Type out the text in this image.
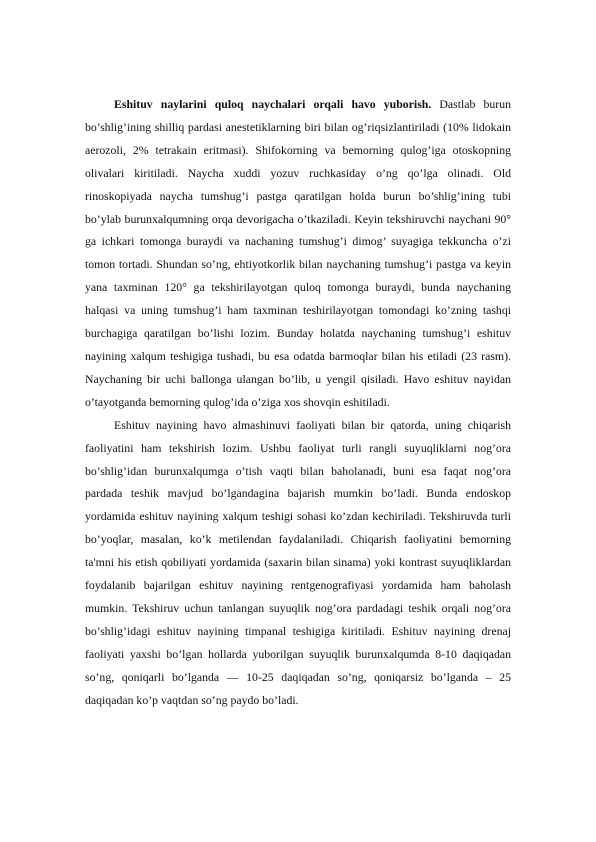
Eshituv naylarini quloq naychalari orqali havo yuborish. Dastlab burun bo’shlig’ining shilliq pardasi anestetiklarning biri bilan og’riqsizlantiriladi (10% lidokain aerozoli, 2% tetrakain eritmasi). Shifokorning va bemorning qulog’iga otoskopning olivalari kiritiladi. Naycha xuddi yozuv ruchkasiday o’ng qo’lga olinadi. Old rinoskopiyada naycha tumshug’i pastga qaratilgan holda burun bo’shlig’ining tubi bo’ylab burunxalqumning orqa devorigacha o’tkaziladi. Keyin tekshiruvchi naychani 90° ga ichkari tomonga buraydi va nachaning tumshug’i dimog’ suyagiga tekkuncha o’zi tomon tortadi. Shundan so’ng, ehtiyotkorlik bilan naychaning tumshug’i pastga va keyin yana taxminan 120° ga tekshirilayotgan quloq tomonga buraydi, bunda naychaning halqasi va uning tumshug’i ham taxminan teshirilayotgan tomondagi ko’zning tashqi burchagiga qaratilgan bo’lishi lozim. Bunday holatda naychaning tumshug’i eshituv nayining xalqum teshigiga tushadi, bu esa odatda barmoqlar bilan his etiladi (23 rasm). Naychaning bir uchi ballonga ulangan bo’lib, u yengil qisiladi. Havo eshituv nayidan o’tayotganda bemorning qulog’ida o’ziga xos shovqin eshitiladi.

Eshituv nayining havo almashinuvi faoliyati bilan bir qatorda, uning chiqarish faoliyatini ham tekshirish lozim. Ushbu faoliyat turli rangli suyuqliklarni nog’ora bo’shlig’idan burunxalqumga o’tish vaqti bilan baholanadi, buni esa faqat nog’ora pardada teshik mavjud bo’lgandagina bajarish mumkin bo’ladi. Bunda endoskop yordamida eshituv nayining xalqum teshigi sohasi ko’zdan kechiriladi. Tekshiruvda turli bo’yoqlar, masalan, ko’k metilendan faydalaniladi. Chiqarish faoliyatini bemorning ta'mni his etish qobiliyati yordamida (saxarin bilan sinama) yoki kontrast suyuqliklardan foydalanib bajarilgan eshituv nayining rentgenografiyasi yordamida ham baholash mumkin. Tekshiruv uchun tanlangan suyuqlik nog’ora pardadagi teshik orqali nog’ora bo’shlig’idagi eshituv nayining timpanal teshigiga kiritiladi. Eshituv nayining drenaj faoliyati yaxshi bo’lgan hollarda yuborilgan suyuqlik burunxalqumda 8-10 daqiqadan so’ng, qoniqarli bo’lganda — 10-25 daqiqadan so’ng, qoniqarsiz bo’lganda – 25 daqiqadan ko’p vaqtdan so’ng paydo bo’ladi.
